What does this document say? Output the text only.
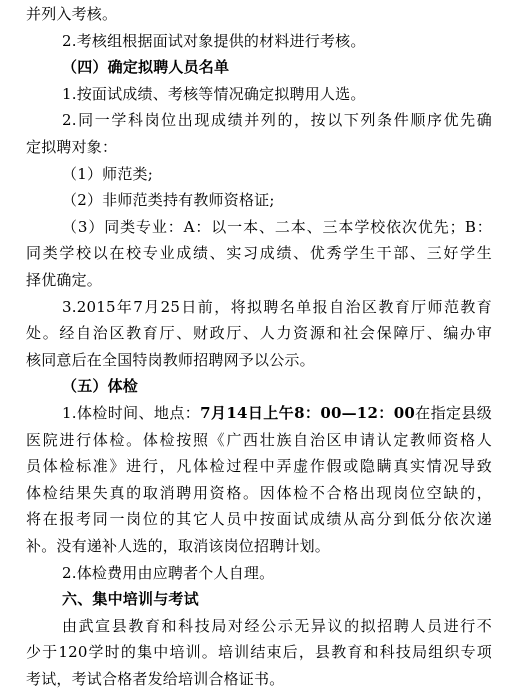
并列入考核。
2.考核组根据面试对象提供的材料进行考核。
（四）确定拟聘人员名单
1.按面试成绩、考核等情况确定拟聘用人选。
2.同一学科岗位出现成绩并列的，按以下列条件顺序优先确
定拟聘对象：
（1）师范类;
（2）非师范类持有教师资格证;
（3）同类专业：A：以一本、二本、三本学校依次优先；B：
同类学校以在校专业成绩、实习成绩、优秀学生干部、三好学生
择优确定。
3.2015年7月25日前，将拟聘名单报自治区教育厅师范教育
处。经自治区教育厅、财政厅、人力资源和社会保障厅、编办审
核同意后在全国特岗教师招聘网予以公示。
（五）体检
1.体检时间、地点：7月14日上午8：00—12：00在指定县级
医院进行体检。体检按照《广西壮族自治区申请认定教师资格人
员体检标准》进行，凡体检过程中弄虚作假或隐瞒真实情况导致
体检结果失真的取消聘用资格。因体检不合格出现岗位空缺的，
将在报考同一岗位的其它人员中按面试成绩从高分到低分依次递
补。没有递补人选的，取消该岗位招聘计划。
2.体检费用由应聘者个人自理。
六、集中培训与考试
由武宣县教育和科技局对经公示无异议的拟招聘人员进行不
少于120学时的集中培训。培训结束后，县教育和科技局组织专项
考试，考试合格者发给培训合格证书。
